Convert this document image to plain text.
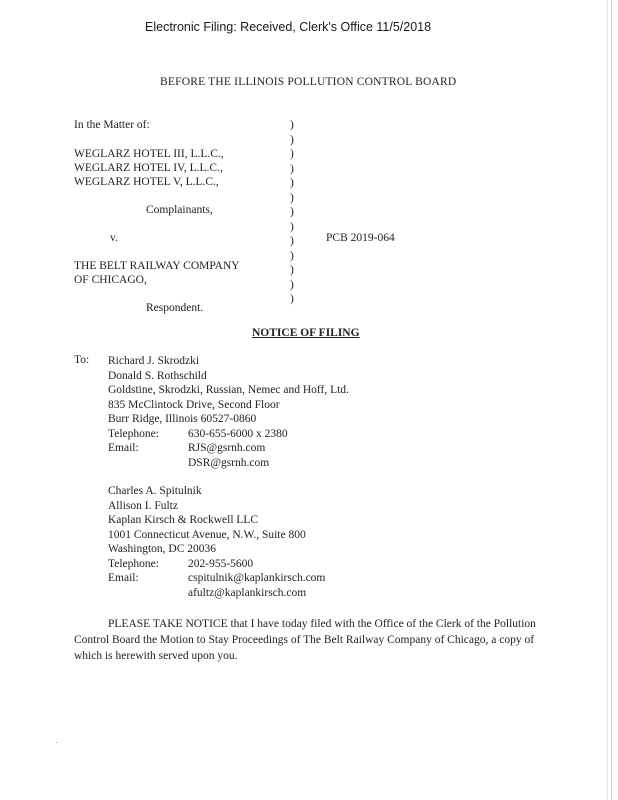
Electronic Filing: Received, Clerk's Office 11/5/2018
BEFORE THE ILLINOIS POLLUTION CONTROL BOARD
In the Matter of:
WEGLARZ HOTEL III, L.L.C.,
WEGLARZ HOTEL IV, L.L.C.,
WEGLARZ HOTEL V, L.L.C.,
Complainants,
v.
THE BELT RAILWAY COMPANY
OF CHICAGO,
Respondent.
)
)
)
)
)
)
)
)
)
)
)
)
)
PCB 2019-064
NOTICE OF FILING
To: Richard J. Skrodzki
Donald S. Rothschild
Goldstine, Skrodzki, Russian, Nemec and Hoff, Ltd.
835 McClintock Drive, Second Floor
Burr Ridge, Illinois 60527-0860
Telephone:	630-655-6000 x 2380
Email:	RJS@gsrnh.com
DSR@gsrnh.com
Charles A. Spitulnik
Allison I. Fultz
Kaplan Kirsch & Rockwell LLC
1001 Connecticut Avenue, N.W., Suite 800
Washington, DC 20036
Telephone:	202-955-5600
Email:	cspitulnik@kaplankirsch.com
afultz@kaplankirsch.com
PLEASE TAKE NOTICE that I have today filed with the Office of the Clerk of the Pollution Control Board the Motion to Stay Proceedings of The Belt Railway Company of Chicago, a copy of which is herewith served upon you.
